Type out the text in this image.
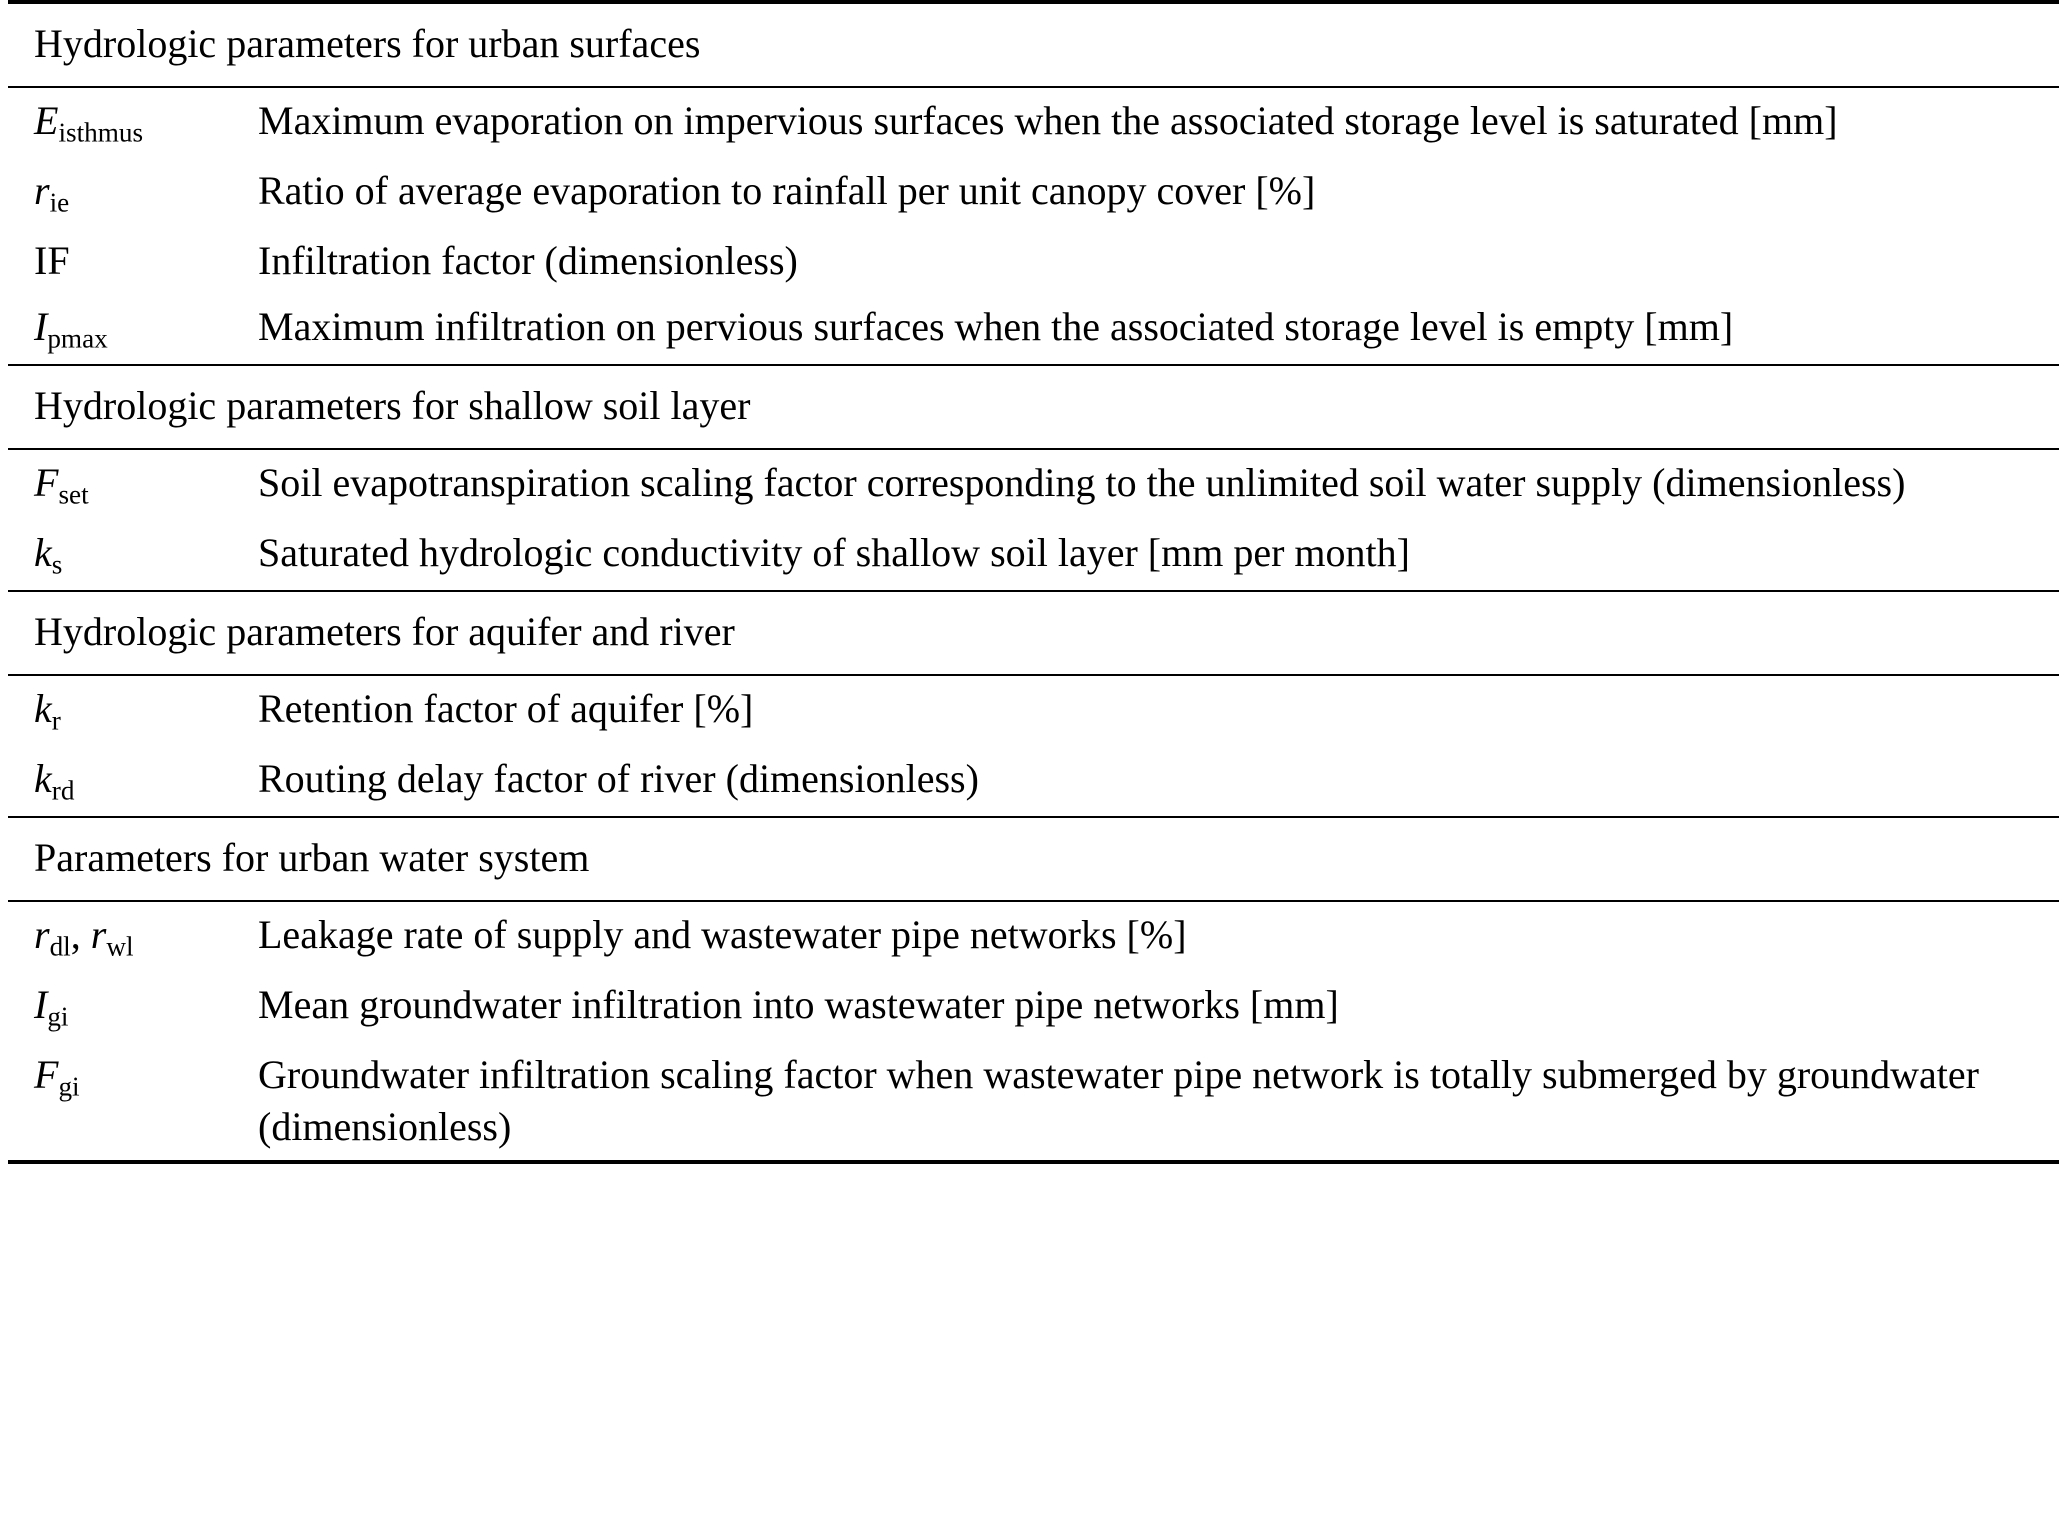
Hydrologic parameters for urban surfaces	
$E_{isthmus}$	Maximum evaporation on impervious surfaces when the associated storage level is saturated [mm]
$r_{ie}$	Ratio of average evaporation to rainfall per unit canopy cover [%]
IF	Infiltration factor (dimensionless)
$I_{pmax}$	Maximum infiltration on pervious surfaces when the associated storage level is empty [mm]
Hydrologic parameters for shallow soil layer	
$F_{set}$	Soil evapotranspiration scaling factor corresponding to the unlimited soil water supply (dimensionless)
$k_s$	Saturated hydrologic conductivity of shallow soil layer [mm per month]
Hydrologic parameters for aquifer and river	
$k_r$	Retention factor of aquifer [%]
$k_{rd}$	Routing delay factor of river (dimensionless)
Parameters for urban water system	
$r_{dl}$, $r_{wl}$	Leakage rate of supply and wastewater pipe networks [%]
$I_{gi}$	Mean groundwater infiltration into wastewater pipe networks [mm]
$F_{gi}$	Groundwater infiltration scaling factor when wastewater pipe network is totally submerged by groundwater (dimensionless)
